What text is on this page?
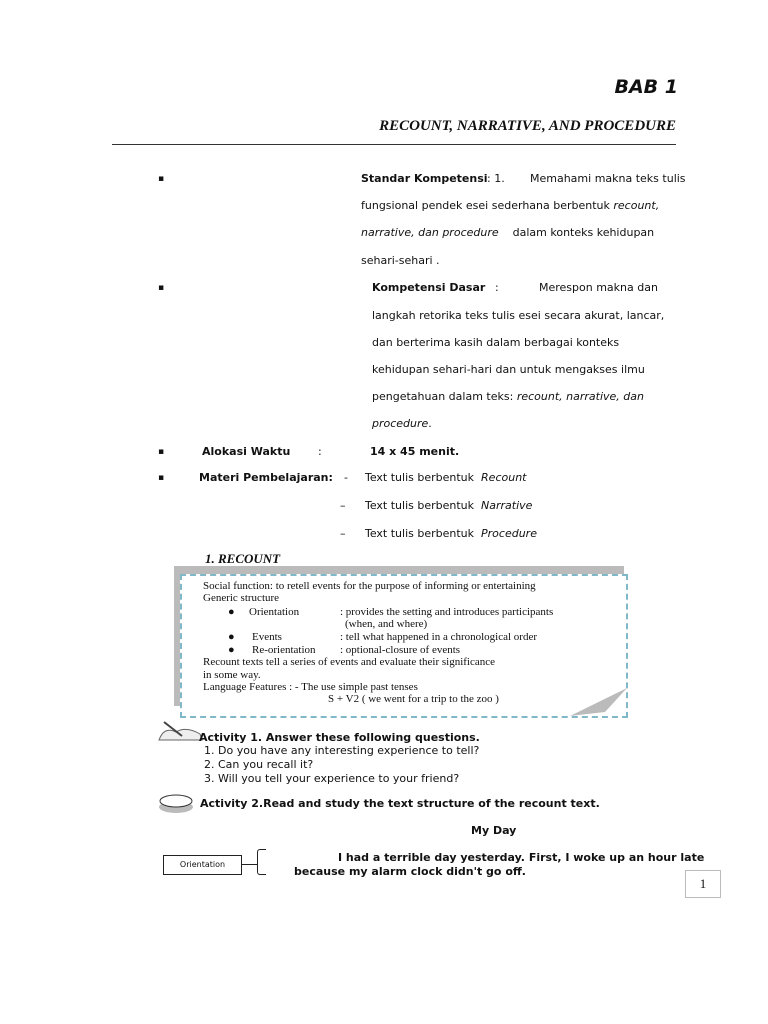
BAB 1
RECOUNT, NARRATIVE, AND PROCEDURE
▪	Standar Kompetensi : 1. Memahami makna teks tulis
fungsional pendek esei sederhana berbentuk recount,
narrative, dan procedure dalam konteks kehidupan
sehari-sehari .
▪	Kompetensi Dasar :	Merespon makna dan
langkah retorika teks tulis esei secara akurat, lancar,
dan berterima kasih dalam berbagai konteks
kehidupan sehari-hari dan untuk mengakses ilmu
pengetahuan dalam teks: recount, narrative, dan
procedure.
▪	Alokasi Waktu	:	14 x 45 menit.
▪	Materi Pembelajaran: - Text tulis berbentuk Recount
– Text tulis berbentuk Narrative
– Text tulis berbentuk Procedure
1. RECOUNT
Social function: to retell events for the purpose of informing or entertaining
Generic structure
● Orientation	: provides the setting and introduces participants
(when, and where)
● Events	: tell what happened in a chronological order
● Re-orientation : optional-closure of events
Recount texts tell a series of events and evaluate their significance
in some way.
Language Features : - The use simple past tenses
S + V2 ( we went for a trip to the zoo )
Activity 1. Answer these following questions.
1. Do you have any interesting experience to tell?
2. Can you recall it?
3. Will you tell your experience to your friend?
Activity 2.Read and study the text structure of the recount text.
My Day
Orientation
I had a terrible day yesterday. First, I woke up an hour late
because my alarm clock didn't go off.
1
